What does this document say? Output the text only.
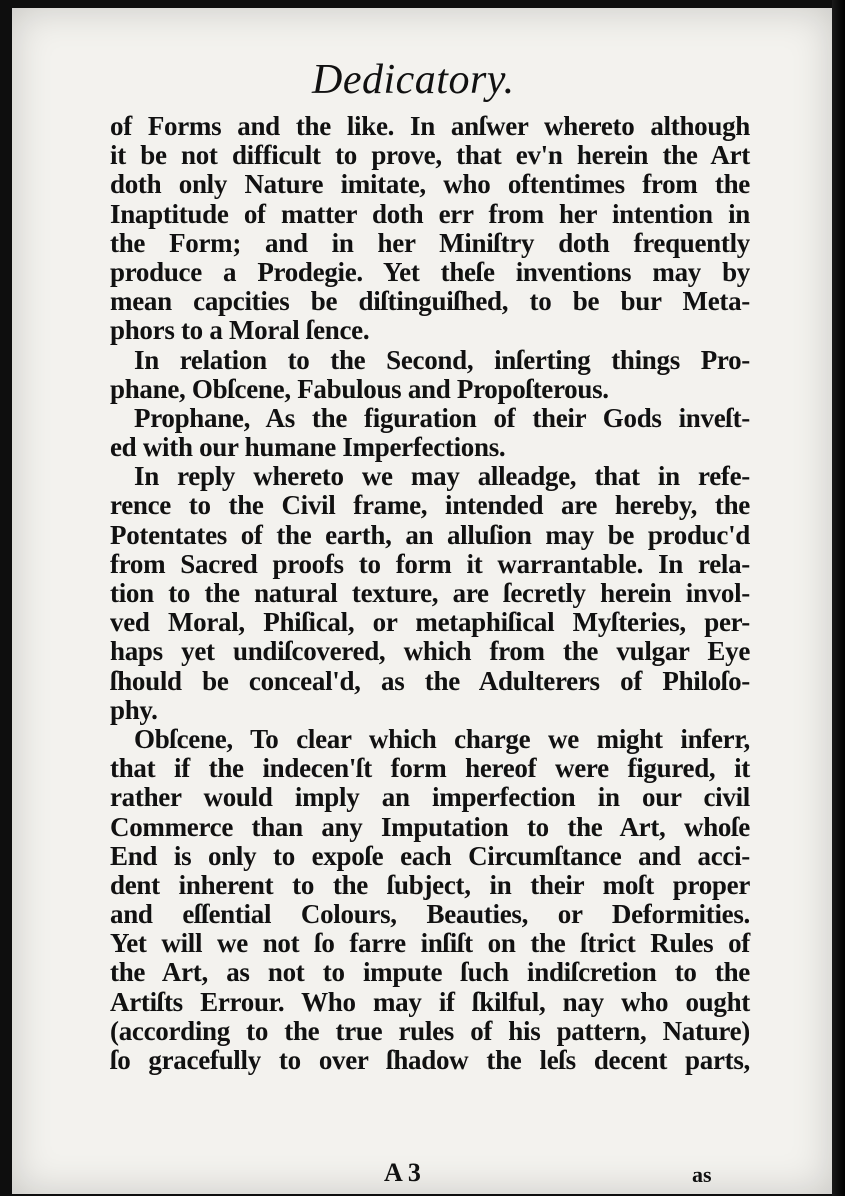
Dedicatory.
of Forms and the like. In anſwer whereto although
it be not difficult to prove, that ev'n herein the Art
doth only Nature imitate, who oftentimes from the
Inaptitude of matter doth err from her intention in
the Form; and in her Miniſtry doth frequently
produce a Prodegie. Yet theſe inventions may by
mean capcities be diſtinguiſhed, to be bur Meta-
phors to a Moral ſence.
In relation to the Second, inſerting things Pro-
phane, Obſcene, Fabulous and Propoſterous.
Prophane, As the figuration of their Gods inveſt-
ed with our humane Imperfections.
In reply whereto we may alleadge, that in refe-
rence to the Civil frame, intended are hereby, the
Potentates of the earth, an alluſion may be produc'd
from Sacred proofs to form it warrantable. In rela-
tion to the natural texture, are ſecretly herein invol-
ved Moral, Phiſical, or metaphiſical Myſteries, per-
haps yet undiſcovered, which from the vulgar Eye
ſhould be conceal'd, as the Adulterers of Philoſo-
phy.
Obſcene, To clear which charge we might inferr,
that if the indecen'ſt form hereof were figured, it
rather would imply an imperfection in our civil
Commerce than any Imputation to the Art, whoſe
End is only to expoſe each Circumſtance and acci-
dent inherent to the ſubject, in their moſt proper
and eſſential Colours, Beauties, or Deformities.
Yet will we not ſo farre inſiſt on the ſtrict Rules of
the Art, as not to impute ſuch indiſcretion to the
Artiſts Errour. Who may if ſkilful, nay who ought
(according to the true rules of his pattern, Nature)
ſo gracefully to over ſhadow the leſs decent parts,
A 3	as
